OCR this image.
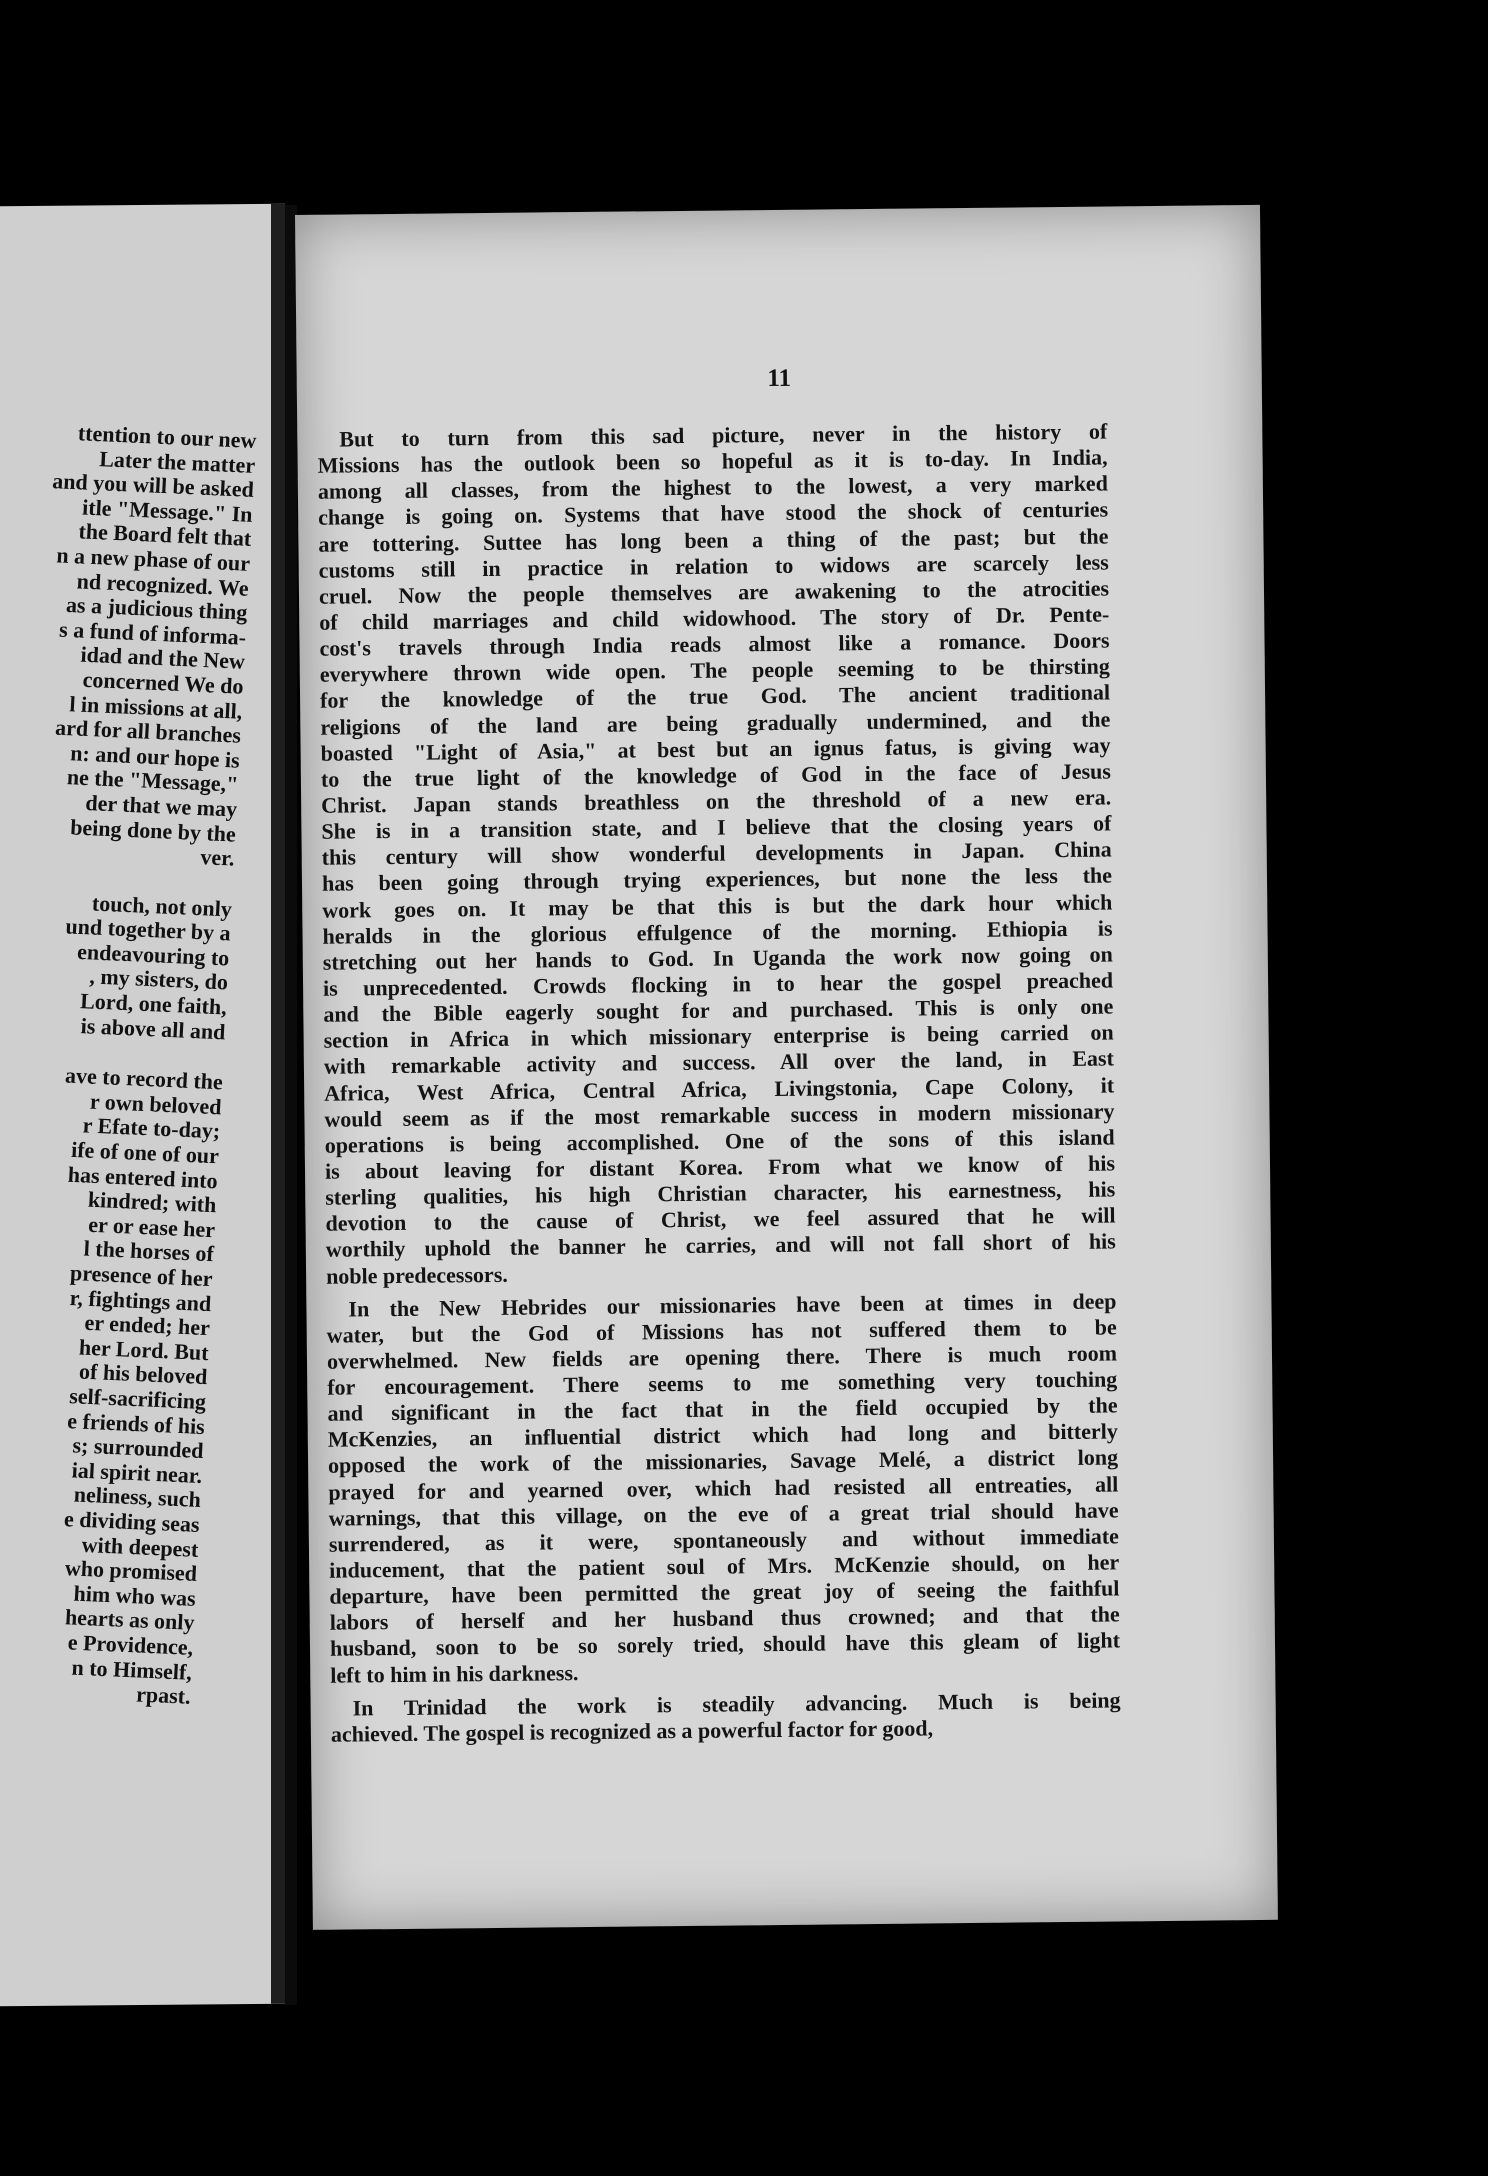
ttention to our new
Later the matter
and you will be asked
itle "Message." In
the Board felt that
n a new phase of our
nd recognized. We
as a judicious thing
s a fund of informa-
idad and the New
concerned We do
l in missions at all,
ard for all branches
n: and our hope is
ne the "Message,"
der that we may
being done by the
ver.
touch, not only
und together by a
endeavouring to
, my sisters, do
Lord, one faith,
is above all and
ave to record the
r own beloved
r Efate to-day;
ife of one of our
has entered into
kindred; with
er or ease her
l the horses of
presence of her
r, fightings and
er ended; her
her Lord. But
of his beloved
self-sacrificing
e friends of his
s; surrounded
ial spirit near.
neliness, such
e dividing seas
with deepest
who promised
him who was
hearts as only
e Providence,
n to Himself,
rpast.
11
But to turn from this sad picture, never in the history of
Missions has the outlook been so hopeful as it is to-day. In India,
among all classes, from the highest to the lowest, a very marked
change is going on. Systems that have stood the shock of centuries
are tottering. Suttee has long been a thing of the past; but the
customs still in practice in relation to widows are scarcely less
cruel. Now the people themselves are awakening to the atrocities
of child marriages and child widowhood. The story of Dr. Pente-
cost's travels through India reads almost like a romance. Doors
everywhere thrown wide open. The people seeming to be thirsting
for the knowledge of the true God. The ancient traditional
religions of the land are being gradually undermined, and the
boasted "Light of Asia," at best but an ignus fatus, is giving way
to the true light of the knowledge of God in the face of Jesus
Christ. Japan stands breathless on the threshold of a new era.
She is in a transition state, and I believe that the closing years of
this century will show wonderful developments in Japan. China
has been going through trying experiences, but none the less the
work goes on. It may be that this is but the dark hour which
heralds in the glorious effulgence of the morning. Ethiopia is
stretching out her hands to God. In Uganda the work now going on
is unprecedented. Crowds flocking in to hear the gospel preached
and the Bible eagerly sought for and purchased. This is only one
section in Africa in which missionary enterprise is being carried on
with remarkable activity and success. All over the land, in East
Africa, West Africa, Central Africa, Livingstonia, Cape Colony, it
would seem as if the most remarkable success in modern missionary
operations is being accomplished. One of the sons of this island
is about leaving for distant Korea. From what we know of his
sterling qualities, his high Christian character, his earnestness, his
devotion to the cause of Christ, we feel assured that he will
worthily uphold the banner he carries, and will not fall short of his
noble predecessors.
In the New Hebrides our missionaries have been at times in deep
water, but the God of Missions has not suffered them to be
overwhelmed. New fields are opening there. There is much room
for encouragement. There seems to me something very touching
and significant in the fact that in the field occupied by the
McKenzies, an influential district which had long and bitterly
opposed the work of the missionaries, Savage Melé, a district long
prayed for and yearned over, which had resisted all entreaties, all
warnings, that this village, on the eve of a great trial should have
surrendered, as it were, spontaneously and without immediate
inducement, that the patient soul of Mrs. McKenzie should, on her
departure, have been permitted the great joy of seeing the faithful
labors of herself and her husband thus crowned; and that the
husband, soon to be so sorely tried, should have this gleam of light
left to him in his darkness.
In Trinidad the work is steadily advancing. Much is being
achieved. The gospel is recognized as a powerful factor for good,
